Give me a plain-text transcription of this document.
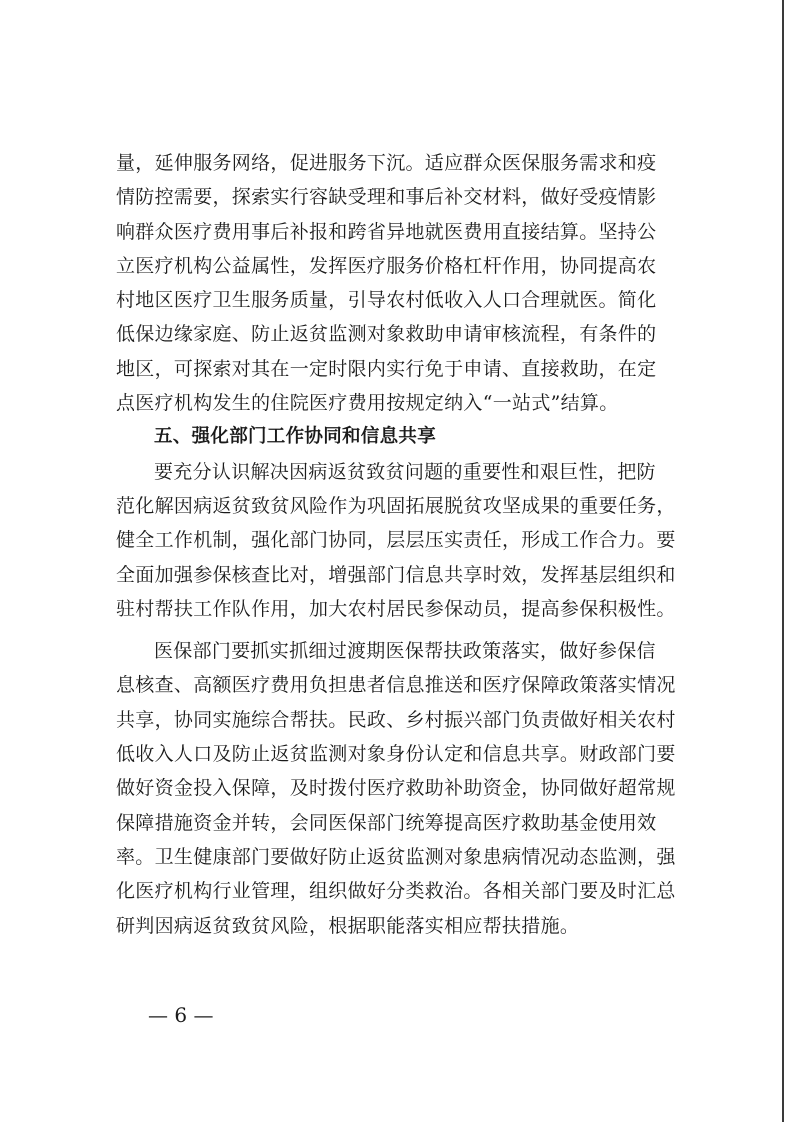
量，延伸服务网络，促进服务下沉。适应群众医保服务需求和疫
情防控需要，探索实行容缺受理和事后补交材料，做好受疫情影
响群众医疗费用事后补报和跨省异地就医费用直接结算。坚持公
立医疗机构公益属性，发挥医疗服务价格杠杆作用，协同提高农
村地区医疗卫生服务质量，引导农村低收入人口合理就医。简化
低保边缘家庭、防止返贫监测对象救助申请审核流程，有条件的
地区，可探索对其在一定时限内实行免于申请、直接救助，在定
点医疗机构发生的住院医疗费用按规定纳入“一站式”结算。
五、强化部门工作协同和信息共享
要充分认识解决因病返贫致贫问题的重要性和艰巨性，把防
范化解因病返贫致贫风险作为巩固拓展脱贫攻坚成果的重要任务，
健全工作机制，强化部门协同，层层压实责任，形成工作合力。要
全面加强参保核查比对，增强部门信息共享时效，发挥基层组织和
驻村帮扶工作队作用，加大农村居民参保动员，提高参保积极性。
医保部门要抓实抓细过渡期医保帮扶政策落实，做好参保信
息核查、高额医疗费用负担患者信息推送和医疗保障政策落实情况
共享，协同实施综合帮扶。民政、乡村振兴部门负责做好相关农村
低收入人口及防止返贫监测对象身份认定和信息共享。财政部门要
做好资金投入保障，及时拨付医疗救助补助资金，协同做好超常规
保障措施资金并转，会同医保部门统筹提高医疗救助基金使用效
率。卫生健康部门要做好防止返贫监测对象患病情况动态监测，强
化医疗机构行业管理，组织做好分类救治。各相关部门要及时汇总
研判因病返贫致贫风险，根据职能落实相应帮扶措施。
— 6 —
